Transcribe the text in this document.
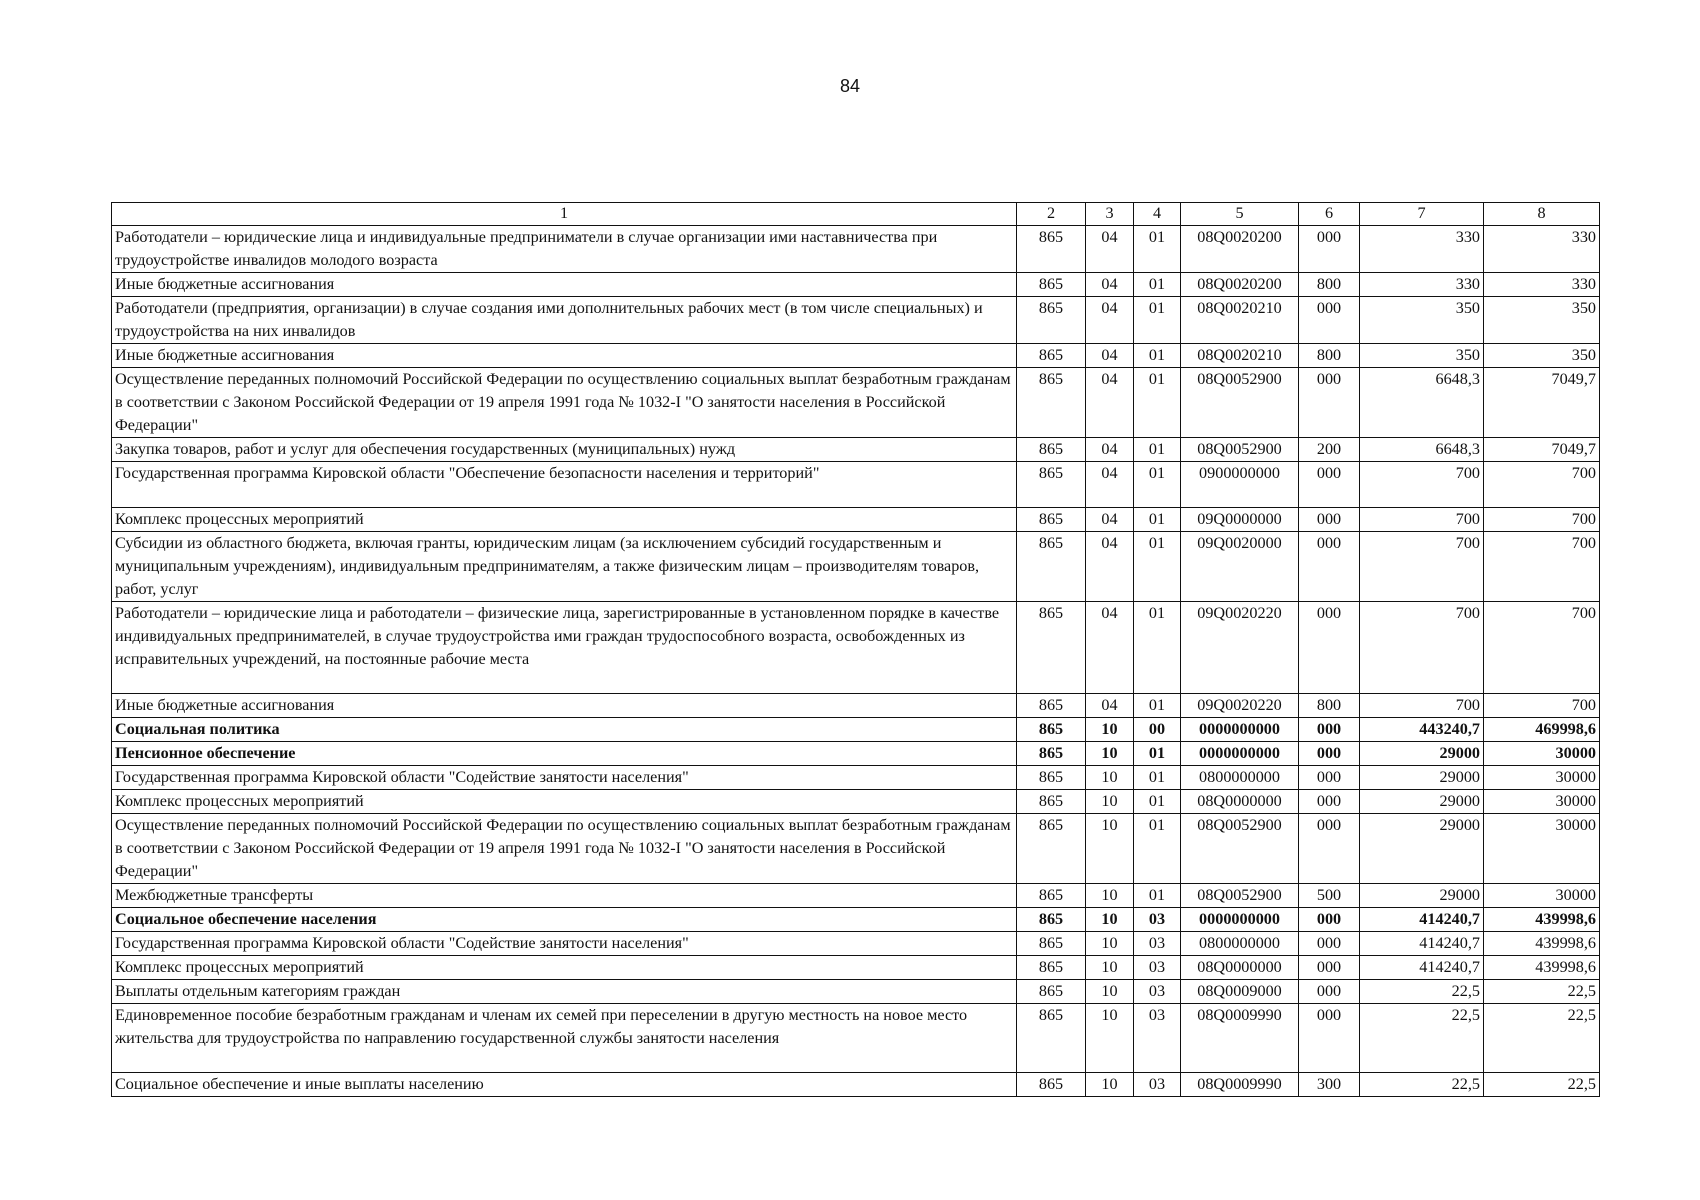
84
1	2	3	4	5	6	7	8
Работодатели – юридические лица и индивидуальные предприниматели в случае организации ими наставничества при трудоустройстве инвалидов молодого возраста	865	04	01	08Q0020200	000	330	330
Иные бюджетные ассигнования	865	04	01	08Q0020200	800	330	330
Работодатели (предприятия, организации) в случае создания ими дополнительных рабочих мест (в том числе специальных) и трудоустройства на них инвалидов	865	04	01	08Q0020210	000	350	350
Иные бюджетные ассигнования	865	04	01	08Q0020210	800	350	350
Осуществление переданных полномочий Российской Федерации по осуществлению социальных выплат безработным гражданам в соответствии с Законом Российской Федерации от 19 апреля 1991 года № 1032-I "О занятости населения в Российской Федерации"	865	04	01	08Q0052900	000	6648,3	7049,7
Закупка товаров, работ и услуг для обеспечения государственных (муниципальных) нужд	865	04	01	08Q0052900	200	6648,3	7049,7
Государственная программа Кировской области "Обеспечение безопасности населения и территорий"	865	04	01	0900000000	000	700	700
Комплекс процессных мероприятий	865	04	01	09Q0000000	000	700	700
Субсидии из областного бюджета, включая гранты, юридическим лицам (за исключением субсидий государственным и муниципальным учреждениям), индивидуальным предпринимателям, а также физическим лицам – производителям товаров, работ, услуг	865	04	01	09Q0020000	000	700	700
Работодатели – юридические лица и работодатели – физические лица, зарегистрированные в установленном порядке в качестве индивидуальных предпринимателей, в случае трудоустройства ими граждан трудоспособного возраста, освобожденных из исправительных учреждений, на постоянные рабочие места	865	04	01	09Q0020220	000	700	700
Иные бюджетные ассигнования	865	04	01	09Q0020220	800	700	700
Социальная политика	865	10	00	0000000000	000	443240,7	469998,6
Пенсионное обеспечение	865	10	01	0000000000	000	29000	30000
Государственная программа Кировской области "Содействие занятости населения"	865	10	01	0800000000	000	29000	30000
Комплекс процессных мероприятий	865	10	01	08Q0000000	000	29000	30000
Осуществление переданных полномочий Российской Федерации по осуществлению социальных выплат безработным гражданам в соответствии с Законом Российской Федерации от 19 апреля 1991 года № 1032-I "О занятости населения в Российской Федерации"	865	10	01	08Q0052900	000	29000	30000
Межбюджетные трансферты	865	10	01	08Q0052900	500	29000	30000
Социальное обеспечение населения	865	10	03	0000000000	000	414240,7	439998,6
Государственная программа Кировской области "Содействие занятости населения"	865	10	03	0800000000	000	414240,7	439998,6
Комплекс процессных мероприятий	865	10	03	08Q0000000	000	414240,7	439998,6
Выплаты отдельным категориям граждан	865	10	03	08Q0009000	000	22,5	22,5
Единовременное пособие безработным гражданам и членам их семей при переселении в другую местность на новое место жительства для трудоустройства по направлению государственной службы занятости населения	865	10	03	08Q0009990	000	22,5	22,5
Социальное обеспечение и иные выплаты населению	865	10	03	08Q0009990	300	22,5	22,5
